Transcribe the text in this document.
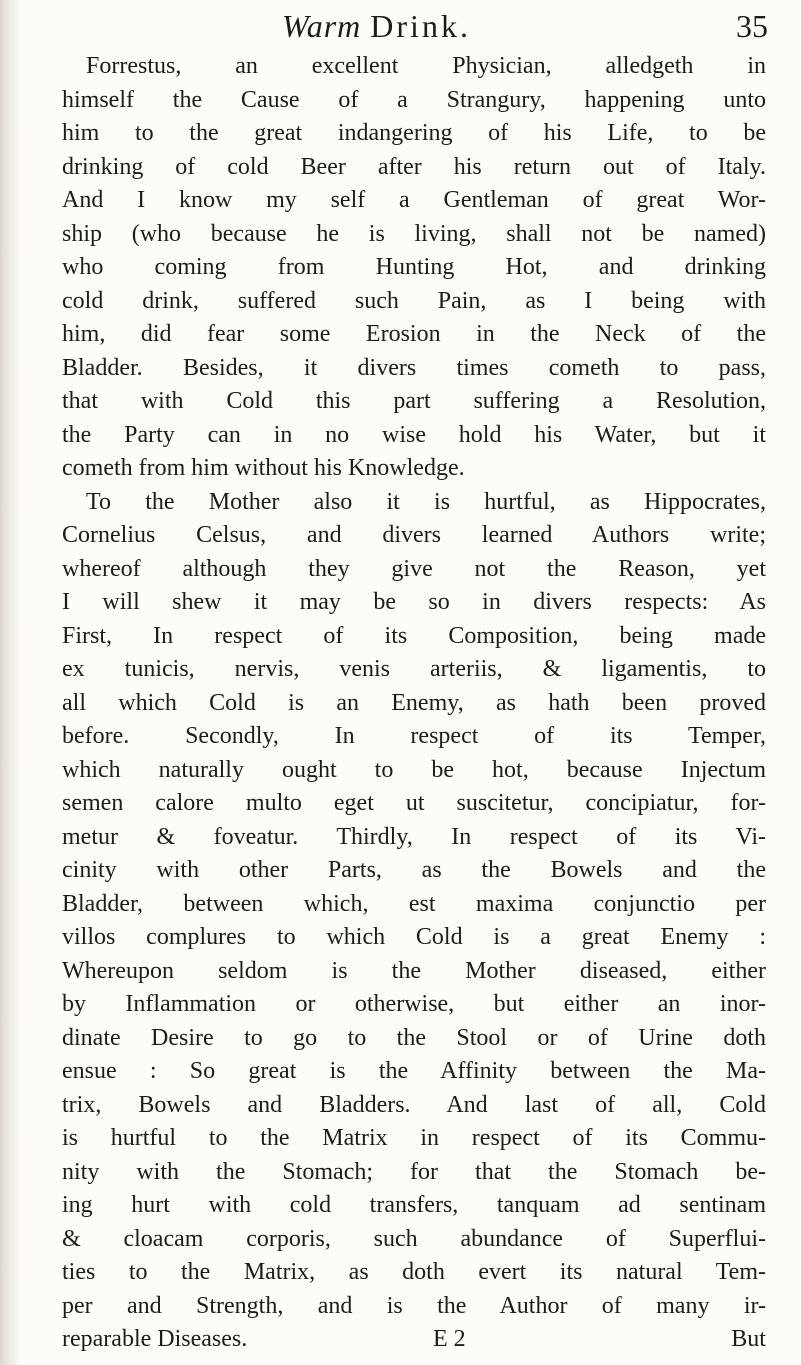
Warm Drink.	35
Forrestus, an excellent Physician, alledgeth in
himself the Cause of a Strangury, happening unto
him to the great indangering of his Life, to be
drinking of cold Beer after his return out of Italy.
And I know my self a Gentleman of great Wor-
ship (who because he is living, shall not be named)
who coming from Hunting Hot, and drinking
cold drink, suffered such Pain, as I being with
him, did fear some Erosion in the Neck of the
Bladder. Besides, it divers times cometh to pass,
that with Cold this part suffering a Resolution,
the Party can in no wise hold his Water, but it
cometh from him without his Knowledge.
To the Mother also it is hurtful, as Hippocrates,
Cornelius Celsus, and divers learned Authors write;
whereof although they give not the Reason, yet
I will shew it may be so in divers respects: As
First, In respect of its Composition, being made
ex tunicis, nervis, venis arteriis, & ligamentis, to
all which Cold is an Enemy, as hath been proved
before. Secondly, In respect of its Temper,
which naturally ought to be hot, because Injectum
semen calore multo eget ut suscitetur, concipiatur, for-
metur & foveatur. Thirdly, In respect of its Vi-
cinity with other Parts, as the Bowels and the
Bladder, between which, est maxima conjunctio per
villos complures to which Cold is a great Enemy :
Whereupon seldom is the Mother diseased, either
by Inflammation or otherwise, but either an inor-
dinate Desire to go to the Stool or of Urine doth
ensue : So great is the Affinity between the Ma-
trix, Bowels and Bladders. And last of all, Cold
is hurtful to the Matrix in respect of its Commu-
nity with the Stomach; for that the Stomach be-
ing hurt with cold transfers, tanquam ad sentinam
& cloacam corporis, such abundance of Superflui-
ties to the Matrix, as doth evert its natural Tem-
per and Strength, and is the Author of many ir-
reparable Diseases.	E 2	But
